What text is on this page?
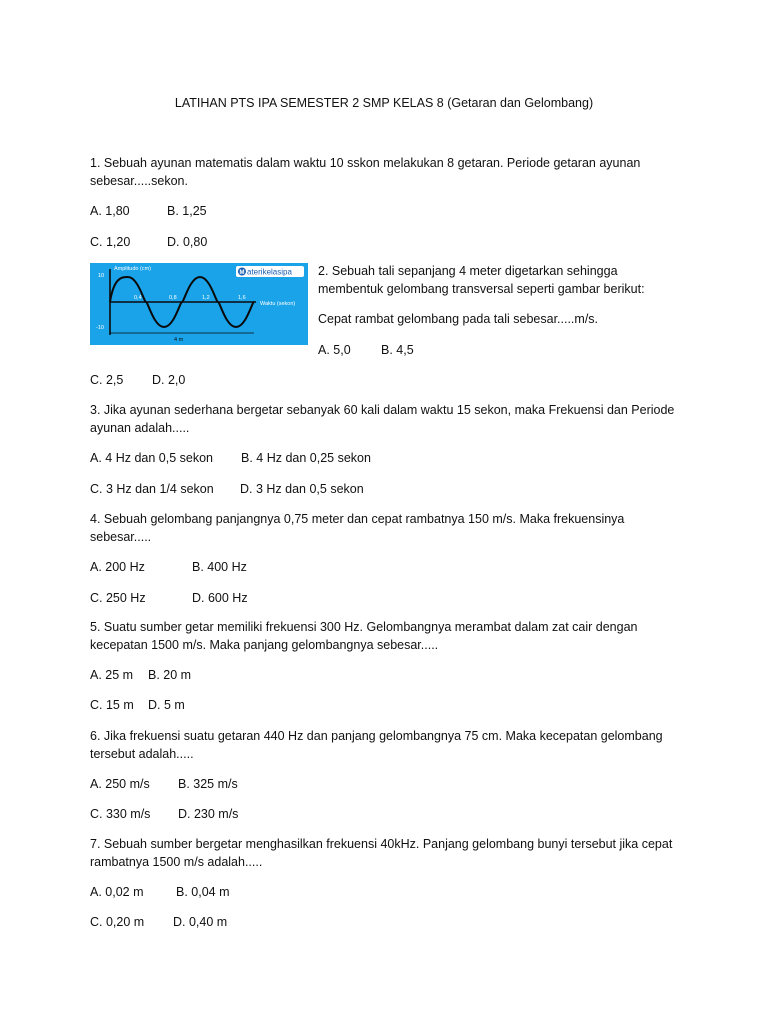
LATIHAN PTS IPA SEMESTER 2 SMP KELAS 8 (Getaran dan Gelombang)
1. Sebuah ayunan matematis dalam waktu 10 sskon melakukan 8 getaran. Periode getaran ayunan
sebesar.....sekon.
A. 1,80	B. 1,25
C. 1,20	D. 0,80
4 m
Amplitudo (cm)
10
-10
Waktu (sekon)
0,4	0,8	1,2	1,6
M aterikelasipa 2. Sebuah tali sepanjang 4 meter digetarkan sehingga
membentuk gelombang transversal seperti gambar berikut:
Cepat rambat gelombang pada tali sebesar.....m/s.
A. 5,0 B. 4,5
C. 2,5 D. 2,0
3. Jika ayunan sederhana bergetar sebanyak 60 kali dalam waktu 15 sekon, maka Frekuensi dan Periode
ayunan adalah.....
A. 4 Hz dan 0,5 sekon B. 4 Hz dan 0,25 sekon
C. 3 Hz dan 1/4 sekon D. 3 Hz dan 0,5 sekon
4. Sebuah gelombang panjangnya 0,75 meter dan cepat rambatnya 150 m/s. Maka frekuensinya
sebesar.....
A. 200 Hz	B. 400 Hz
C. 250 Hz	D. 600 Hz
5. Suatu sumber getar memiliki frekuensi 300 Hz. Gelombangnya merambat dalam zat cair dengan
kecepatan 1500 m/s. Maka panjang gelombangnya sebesar.....
A. 25 m B. 20 m
C. 15 m D. 5 m
6. Jika frekuensi suatu getaran 440 Hz dan panjang gelombangnya 75 cm. Maka kecepatan gelombang
tersebut adalah.....
A. 250 m/s B. 325 m/s
C. 330 m/s D. 230 m/s
7. Sebuah sumber bergetar menghasilkan frekuensi 40kHz. Panjang gelombang bunyi tersebut jika cepat
rambatnya 1500 m/s adalah.....
A. 0,02 m	B. 0,04 m
C. 0,20 m D. 0,40 m
